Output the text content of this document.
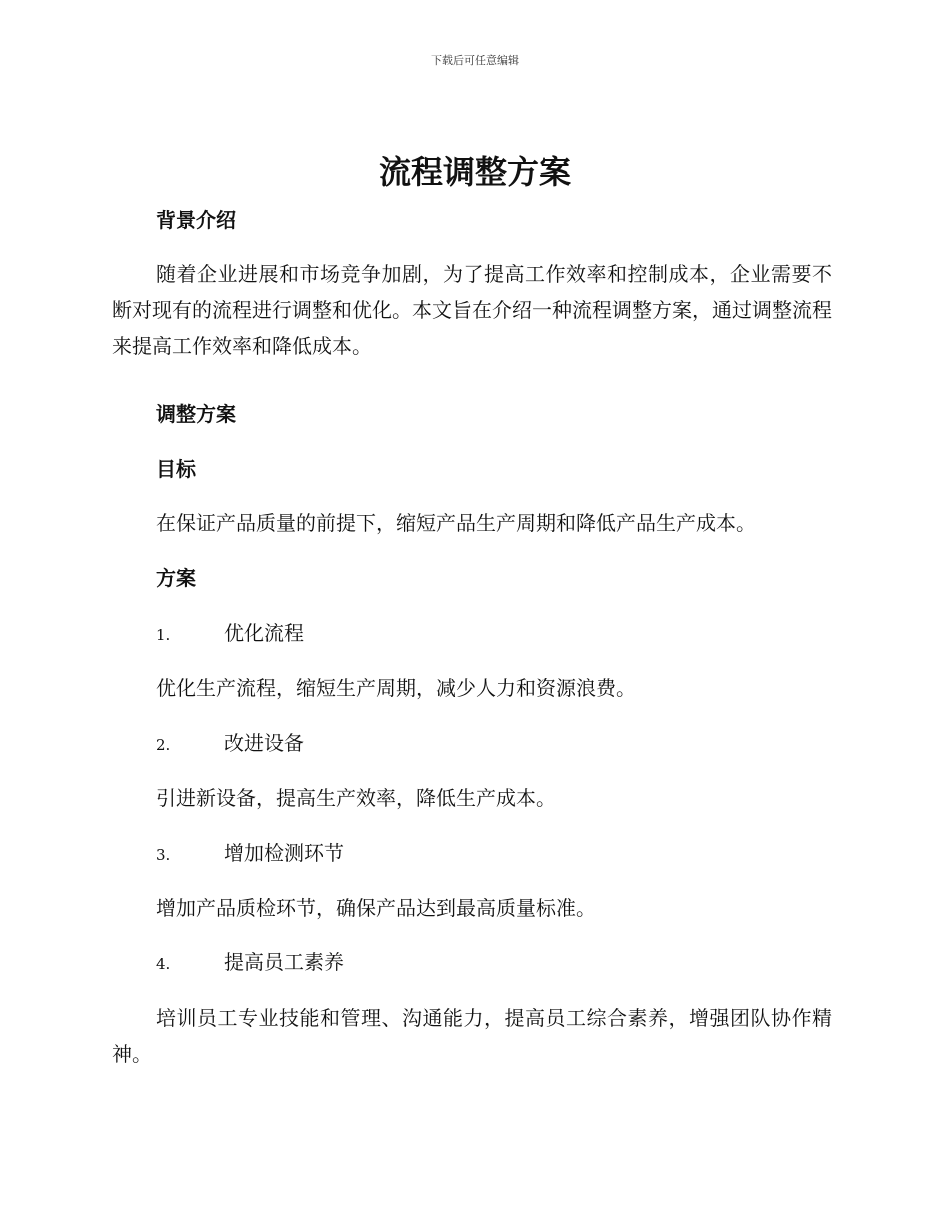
下载后可任意编辑
流程调整方案
背景介绍

随着企业进展和市场竞争加剧，为了提高工作效率和控制成本，企业需要不断对现有的流程进行调整和优化。本文旨在介绍一种流程调整方案，通过调整流程来提高工作效率和降低成本。

调整方案
目标
在保证产品质量的前提下，缩短产品生产周期和降低产品生产成本。
方案
1.	优化流程
优化生产流程，缩短生产周期，减少人力和资源浪费。
2.	改进设备
引进新设备，提高生产效率，降低生产成本。
3.	增加检测环节
增加产品质检环节，确保产品达到最高质量标准。
4.	提高员工素养

培训员工专业技能和管理、沟通能力，提高员工综合素养，增强团队协作精神。
